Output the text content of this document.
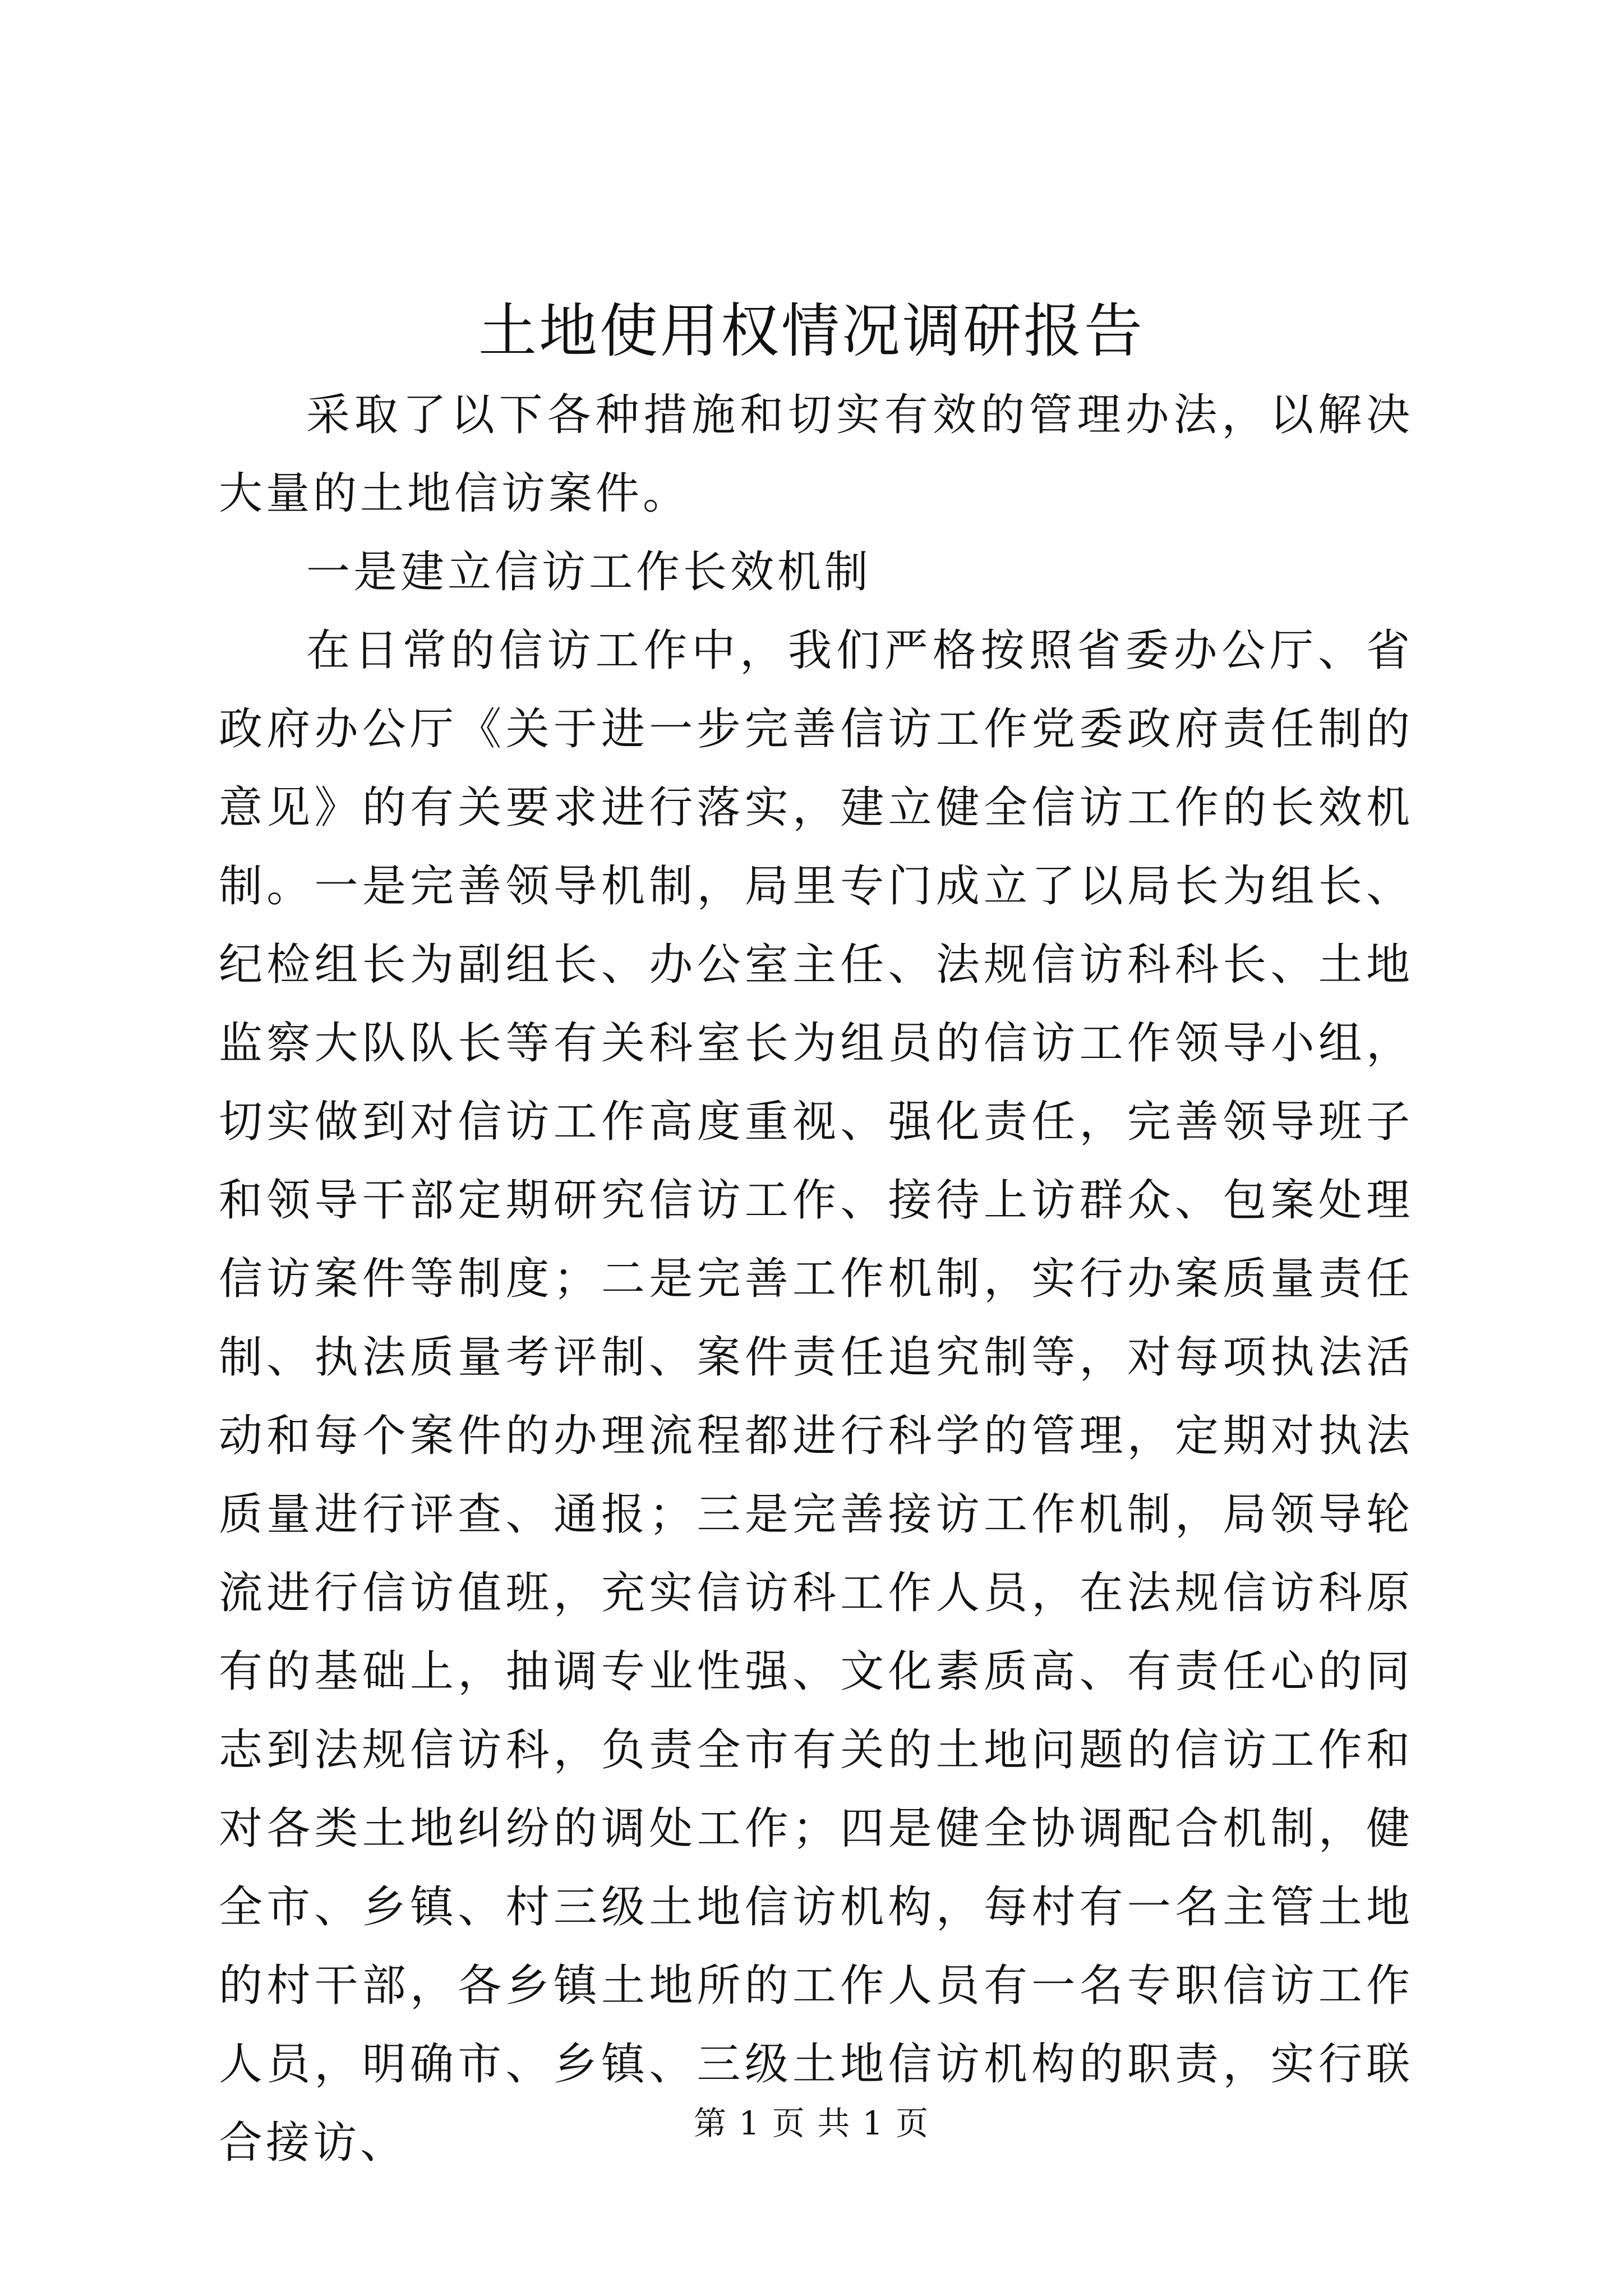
土地使用权情况调研报告

采取了以下各种措施和切实有效的管理办法，以解决大量的土地信访案件。

一是建立信访工作长效机制

在日常的信访工作中，我们严格按照省委办公厅、省政府办公厅《关于进一步完善信访工作党委政府责任制的意见》的有关要求进行落实，建立健全信访工作的长效机制。一是完善领导机制，局里专门成立了以局长为组长、纪检组长为副组长、办公室主任、法规信访科科长、土地监察大队队长等有关科室长为组员的信访工作领导小组，切实做到对信访工作高度重视、强化责任，完善领导班子和领导干部定期研究信访工作、接待上访群众、包案处理信访案件等制度；二是完善工作机制，实行办案质量责任制、执法质量考评制、案件责任追究制等，对每项执法活动和每个案件的办理流程都进行科学的管理，定期对执法质量进行评查、通报；三是完善接访工作机制，局领导轮流进行信访值班，充实信访科工作人员，在法规信访科原有的基础上，抽调专业性强、文化素质高、有责任心的同志到法规信访科，负责全市有关的土地问题的信访工作和对各类土地纠纷的调处工作；四是健全协调配合机制，健全市、乡镇、村三级土地信访机构，每村有一名主管土地的村干部，各乡镇土地所的工作人员有一名专职信访工作人员，明确市、乡镇、三级土地信访机构的职责，实行联合接访、	第 1 页 共 1 页
